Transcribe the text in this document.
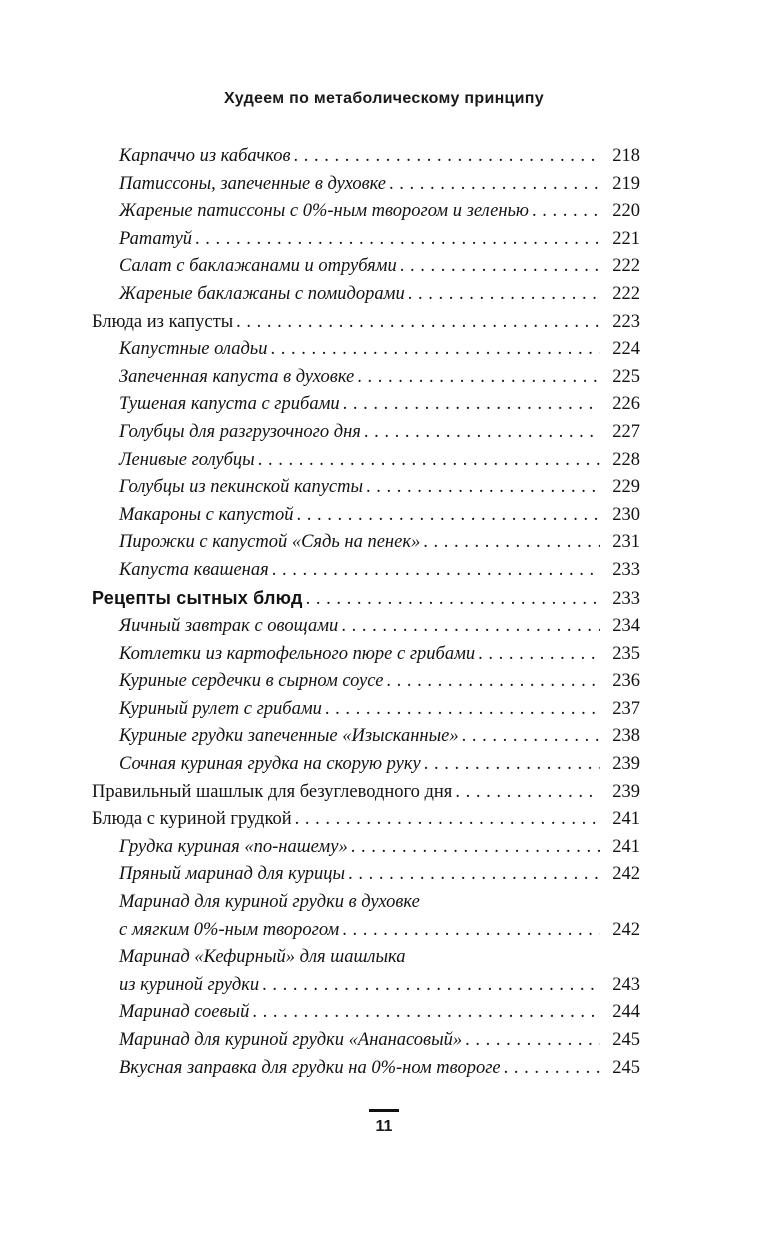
Худеем по метаболическому принципу
Карпаччо из кабачков . . .	218
Патиссоны, запеченные в духовке . . .	219
Жареные патиссоны с 0%-ным творогом и зеленью . . .	220
Рататуй . . .	221
Салат с баклажанами и отрубями . . .	222
Жареные баклажаны с помидорами . . .	222
Блюда из капусты . . .	223
Капустные оладьи . . .	224
Запеченная капуста в духовке . . .	225
Тушеная капуста с грибами . . .	226
Голубцы для разгрузочного дня . . .	227
Ленивые голубцы . . .	228
Голубцы из пекинской капусты . . .	229
Макароны с капустой . . .	230
Пирожки с капустой «Сядь на пенек» . . .	231
Капуста квашеная . . .	233
Рецепты сытных блюд . . .	233
Яичный завтрак с овощами . . .	234
Котлетки из картофельного пюре с грибами . . .	235
Куриные сердечки в сырном соусе . . .	236
Куриный рулет с грибами . . .	237
Куриные грудки запеченные «Изысканные» . . .	238
Сочная куриная грудка на скорую руку . . .	239
Правильный шашлык для безуглеводного дня . . .	239
Блюда с куриной грудкой . . .	241
Грудка куриная «по-нашему» . . .	241
Пряный маринад для курицы . . .	242
Маринад для куриной грудки в духовке
с мягким 0%-ным творогом . . .	242
Маринад «Кефирный» для шашлыка
из куриной грудки . . .	243
Маринад соевый . . .	244
Маринад для куриной грудки «Ананасовый» . . .	245
Вкусная заправка для грудки на 0%-ном твороге . . .	245
11
